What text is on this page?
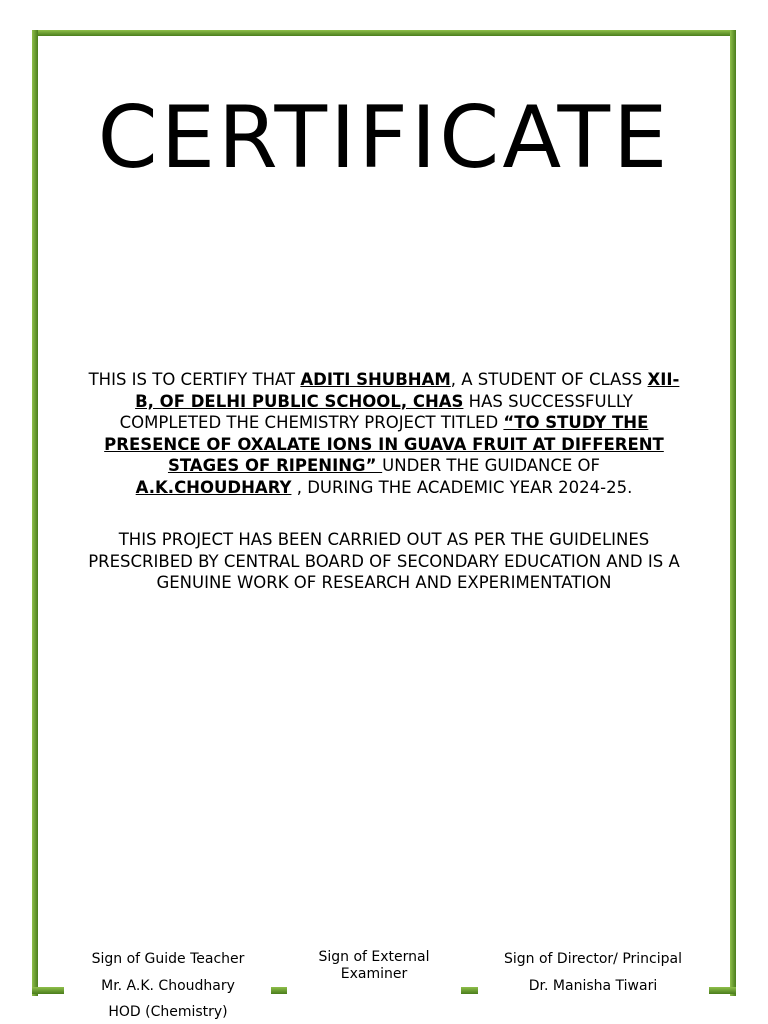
CERTIFICATE

THIS IS TO CERTIFY THAT ADITI SHUBHAM, A STUDENT OF CLASS XII-B, OF DELHI PUBLIC SCHOOL, CHAS HAS SUCCESSFULLY COMPLETED THE CHEMISTRY PROJECT TITLED “TO STUDY THE PRESENCE OF OXALATE IONS IN GUAVA FRUIT AT DIFFERENT STAGES OF RIPENING” UNDER THE GUIDANCE OF A.K.CHOUDHARY , DURING THE ACADEMIC YEAR 2024-25.

THIS PROJECT HAS BEEN CARRIED OUT AS PER THE GUIDELINES PRESCRIBED BY CENTRAL BOARD OF SECONDARY EDUCATION AND IS A GENUINE WORK OF RESEARCH AND EXPERIMENTATION

Sign of Guide Teacher
Mr. A.K. Choudhary
HOD (Chemistry)
Sign of External Examiner
Sign of Director/ Principal
Dr. Manisha Tiwari
